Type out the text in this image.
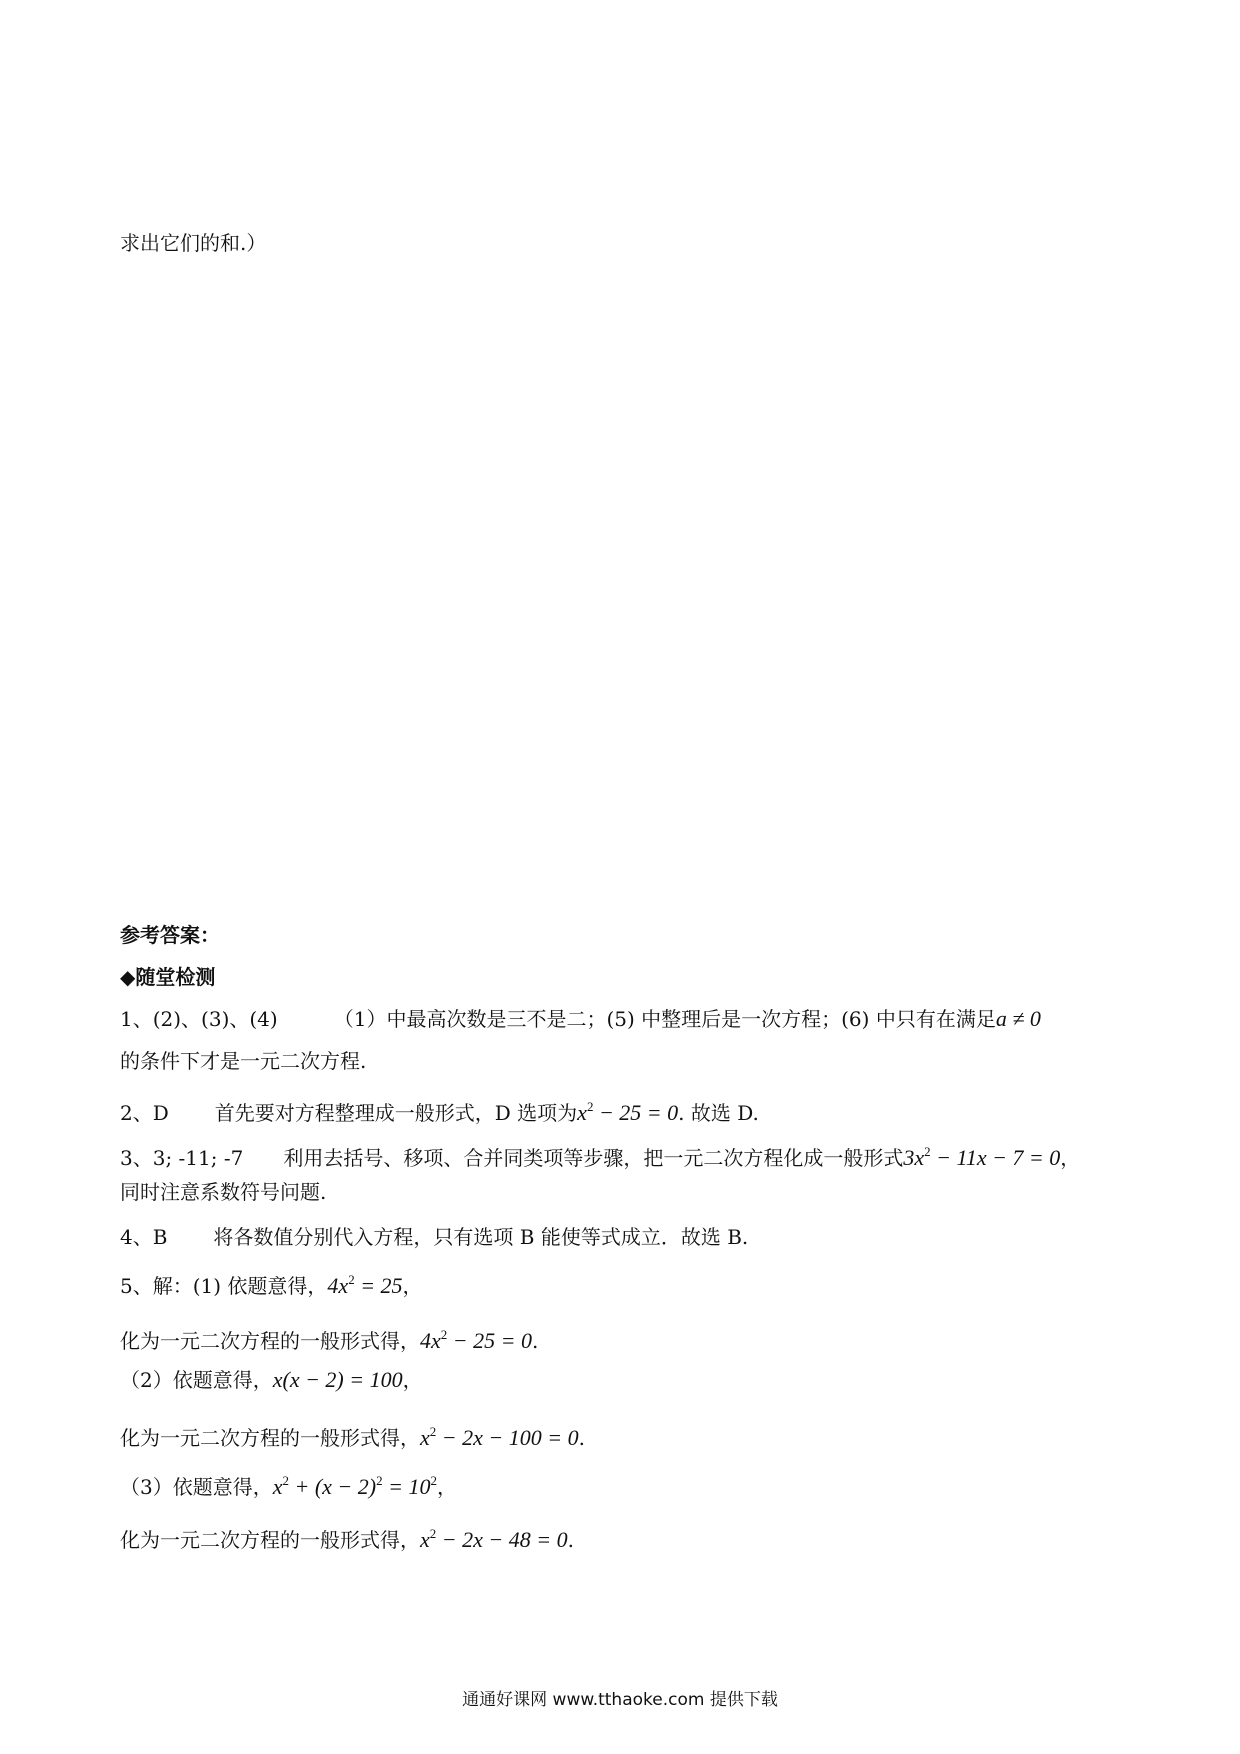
求出它们的和.）
参考答案：
◆随堂检测
1、(2)、(3)、(4)	（1）中最高次数是三不是二；(5) 中整理后是一次方程；(6) 中只有在满足a ≠ 0
的条件下才是一元二次方程.
2、D 首先要对方程整理成一般形式，D 选项为$x^2 - 25 = 0$. 故选 D.
3、3; -11; -7 利用去括号、移项、合并同类项等步骤，把一元二次方程化成一般形式$3x^2 - 11x - 7 = 0$，
同时注意系数符号问题.
4、B 将各数值分别代入方程，只有选项 B 能使等式成立．故选 B.
5、解：(1) 依题意得，$4x^2 = 25$，
化为一元二次方程的一般形式得，$4x^2 - 25 = 0$.
（2）依题意得，x(x − 2) = 100，
化为一元二次方程的一般形式得，$x^2 - 2x - 100 = 0$.
（3）依题意得，$x^2 + (x - 2)^2 = 10^2$，
化为一元二次方程的一般形式得，$x^2 - 2x - 48 = 0$.
通通好课网 www.tthaoke.com 提供下载
